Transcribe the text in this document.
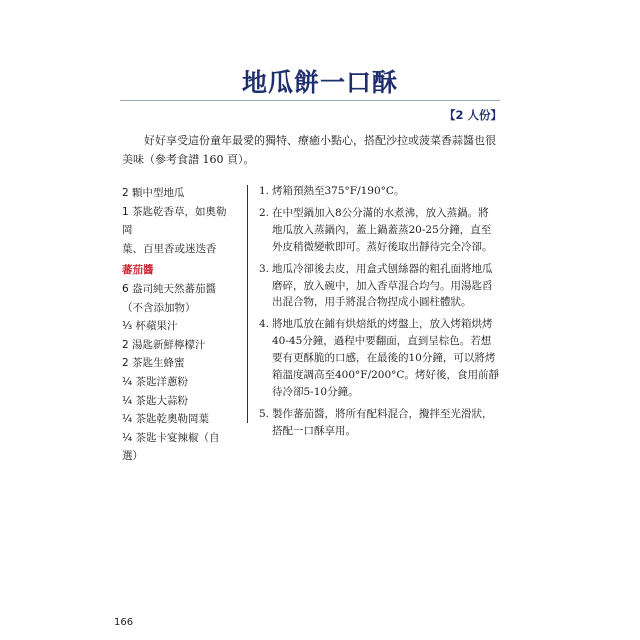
地瓜餅一口酥
【2 人份】
好好享受這份童年最愛的獨特、療癒小點心，搭配沙拉或菠菜香蒜醬也很美味（參考食譜 160 頁）。
2 顆中型地瓜
1 茶匙乾香草，如奧勒岡
葉、百里香或迷迭香
蕃茄醬
6 盎司純天然蕃茄醬
（不含添加物）
⅓ 杯蘋果汁
2 湯匙新鮮檸檬汁
2 茶匙生蜂蜜
¼ 茶匙洋蔥粉
¼ 茶匙大蒜粉
¼ 茶匙乾奧勒岡葉
¼ 茶匙卡宴辣椒（自選）
1. 烤箱預熱至375°F/190°C。
2. 在中型鍋加入8公分滿的水煮沸，放入蒸鍋。將
地瓜放入蒸鍋內，蓋上鍋蓋蒸20-25分鐘，直至
外皮稍微變軟即可。蒸好後取出靜待完全冷卻。
3. 地瓜冷卻後去皮，用盒式刨絲器的粗孔面將地瓜
磨碎，放入碗中，加入香草混合均勻。用湯匙舀
出混合物，用手將混合物捏成小圓柱體狀。
4. 將地瓜放在鋪有烘焙紙的烤盤上，放入烤箱烘烤
40-45分鐘，過程中要翻面，直到呈棕色。若想
要有更酥脆的口感，在最後的10分鐘，可以將烤
箱溫度調高至400°F/200°C。烤好後，食用前靜
待冷卻5-10分鐘。
5. 製作蕃茄醬，將所有配料混合，攪拌至光滑狀，
搭配一口酥享用。
166
